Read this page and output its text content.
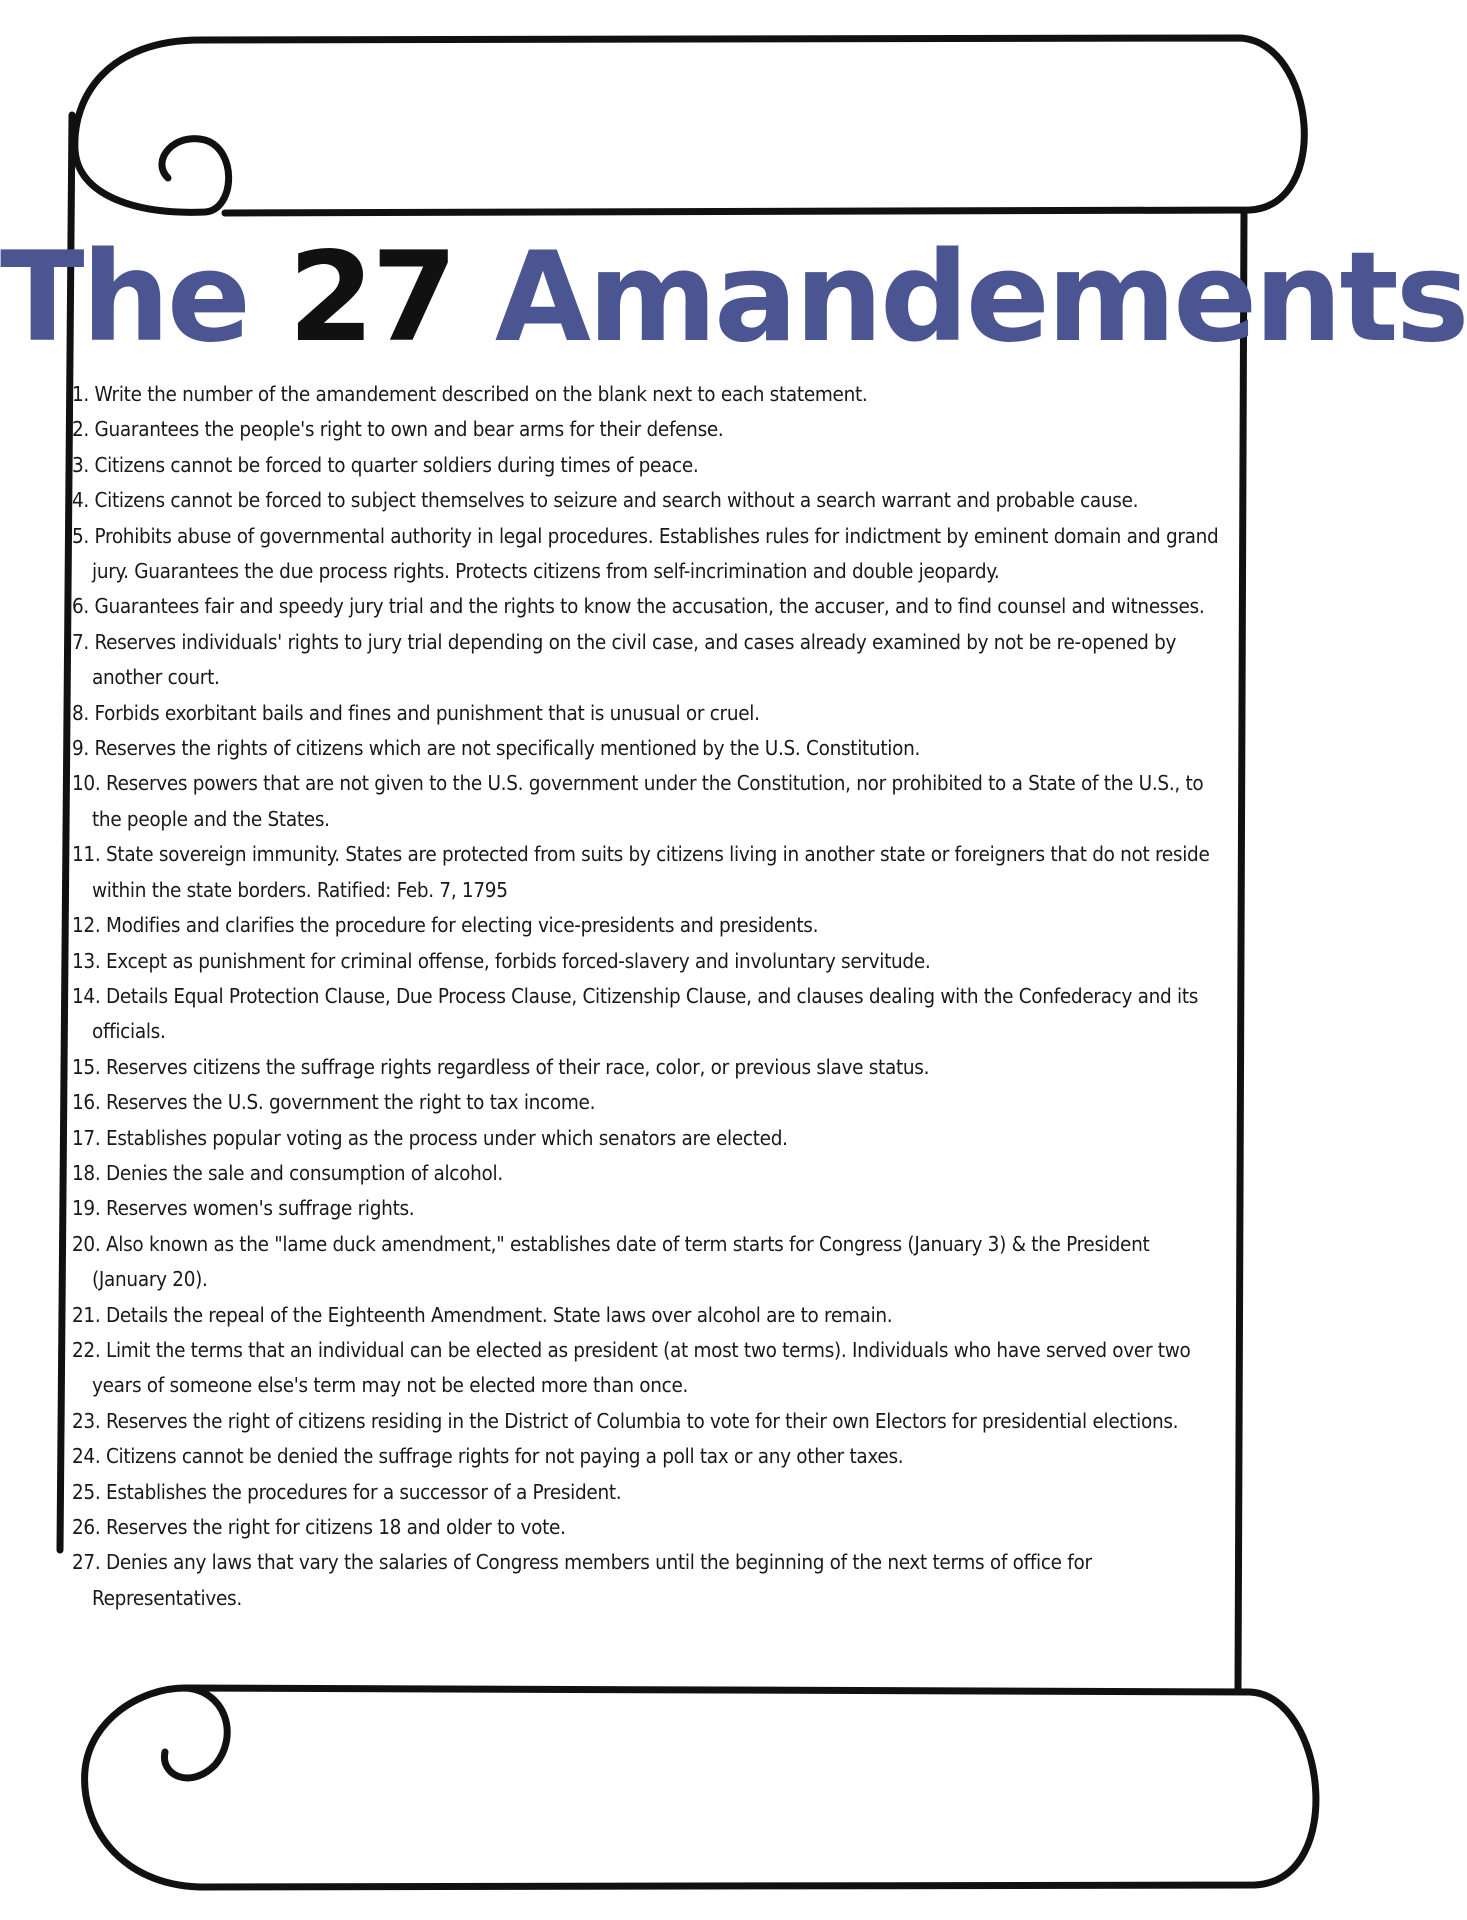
The 27 Amandements
1. Write the number of the amandement described on the blank next to each statement.
2. Guarantees the people's right to own and bear arms for their defense.
3. Citizens cannot be forced to quarter soldiers during times of peace.
4. Citizens cannot be forced to subject themselves to seizure and search without a search warrant and probable cause.
5. Prohibits abuse of governmental authority in legal procedures. Establishes rules for indictment by eminent domain and grand jury. Guarantees the due process rights. Protects citizens from self-incrimination and double jeopardy.
6. Guarantees fair and speedy jury trial and the rights to know the accusation, the accuser, and to find counsel and witnesses.
7. Reserves individuals' rights to jury trial depending on the civil case, and cases already examined by not be re-opened by another court.
8. Forbids exorbitant bails and fines and punishment that is unusual or cruel.
9. Reserves the rights of citizens which are not specifically mentioned by the U.S. Constitution.
10. Reserves powers that are not given to the U.S. government under the Constitution, nor prohibited to a State of the U.S., to the people and the States.
11. State sovereign immunity. States are protected from suits by citizens living in another state or foreigners that do not reside within the state borders. Ratified: Feb. 7, 1795
12. Modifies and clarifies the procedure for electing vice-presidents and presidents.
13. Except as punishment for criminal offense, forbids forced-slavery and involuntary servitude.
14. Details Equal Protection Clause, Due Process Clause, Citizenship Clause, and clauses dealing with the Confederacy and its officials.
15. Reserves citizens the suffrage rights regardless of their race, color, or previous slave status.
16. Reserves the U.S. government the right to tax income.
17. Establishes popular voting as the process under which senators are elected.
18. Denies the sale and consumption of alcohol.
19. Reserves women's suffrage rights.
20. Also known as the "lame duck amendment," establishes date of term starts for Congress (January 3) & the President (January 20).
21. Details the repeal of the Eighteenth Amendment. State laws over alcohol are to remain.
22. Limit the terms that an individual can be elected as president (at most two terms). Individuals who have served over two years of someone else's term may not be elected more than once.
23. Reserves the right of citizens residing in the District of Columbia to vote for their own Electors for presidential elections.
24. Citizens cannot be denied the suffrage rights for not paying a poll tax or any other taxes.
25. Establishes the procedures for a successor of a President.
26. Reserves the right for citizens 18 and older to vote.
27. Denies any laws that vary the salaries of Congress members until the beginning of the next terms of office for Representatives.
